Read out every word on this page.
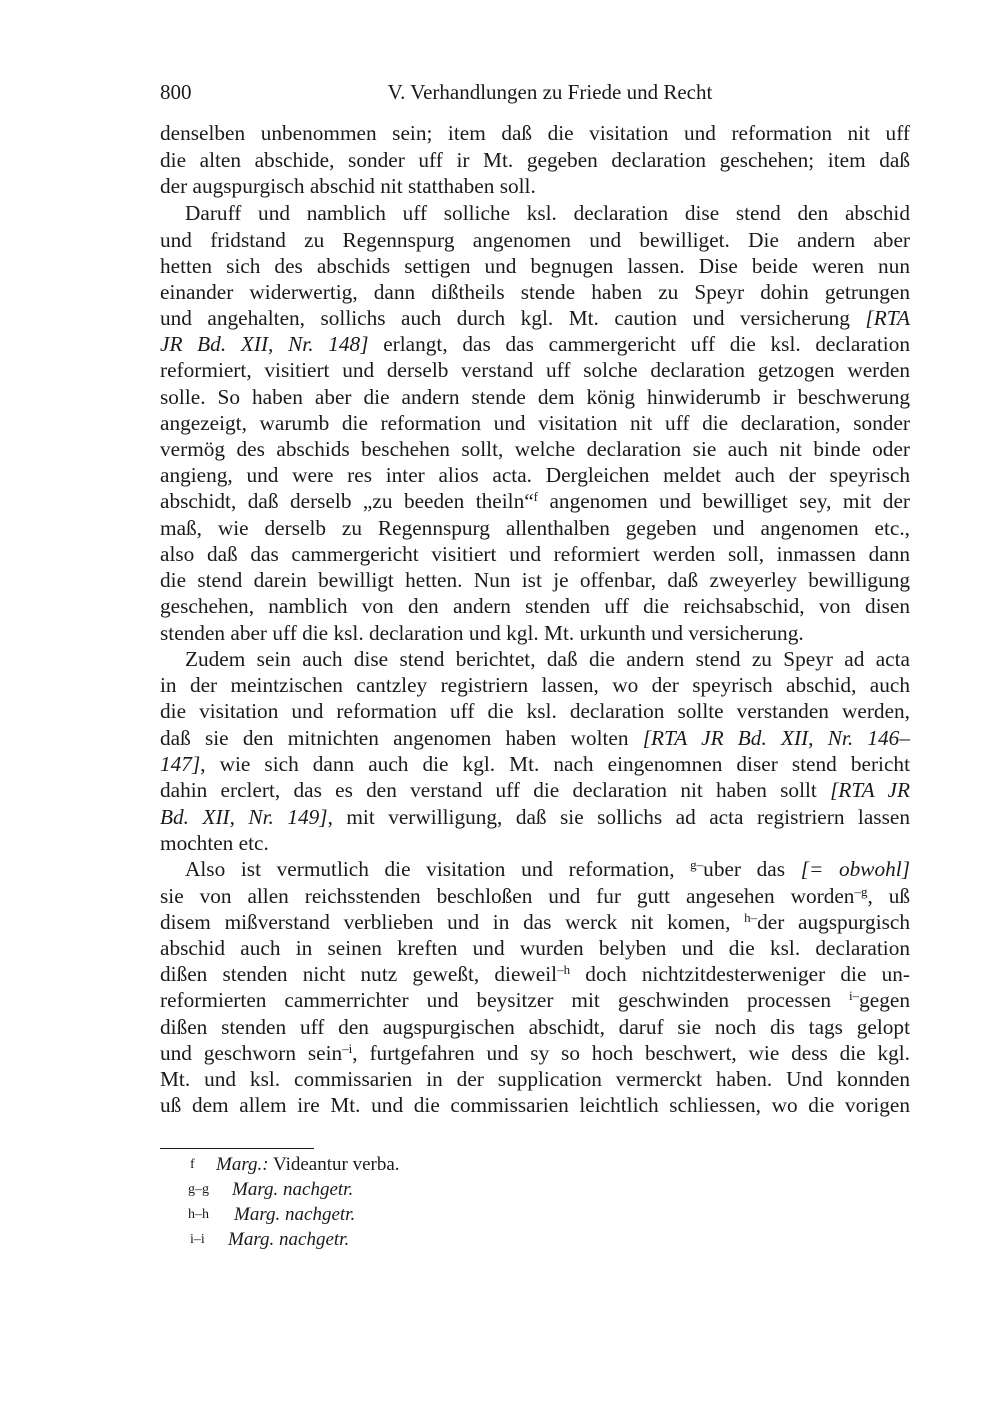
800	V. Verhandlungen zu Friede und Recht
denselben unbenommen sein; item daß die visitation und reformation nit uff
die alten abschide, sonder uff ir Mt. gegeben declaration geschehen; item daß
der augspurgisch abschid nit statthaben soll.
Daruff und namblich uff solliche ksl. declaration dise stend den abschid
und fridstand zu Regennspurg angenomen und bewilliget. Die andern aber
hetten sich des abschids settigen und begnugen lassen. Dise beide weren nun
einander widerwertig, dann dißtheils stende haben zu Speyr dohin getrungen
und angehalten, sollichs auch durch kgl. Mt. caution und versicherung [RTA
JR Bd. XII, Nr. 148] erlangt, das das cammergericht uff die ksl. declaration
reformiert, visitiert und derselb verstand uff solche declaration getzogen werden
solle. So haben aber die andern stende dem könig hinwiderumb ir beschwerung
angezeigt, warumb die reformation und visitation nit uff die declaration, sonder
vermög des abschids beschehen sollt, welche declaration sie auch nit binde oder
angieng, und were res inter alios acta. Dergleichen meldet auch der speyrisch
abschidt, daß derselb „zu beeden theiln“$^f$ angenomen und bewilliget sey, mit der
maß, wie derselb zu Regennspurg allenthalben gegeben und angenomen etc.,
also daß das cammergericht visitiert und reformiert werden soll, inmassen dann
die stend darein bewilligt hetten. Nun ist je offenbar, daß zweyerley bewilligung
geschehen, namblich von den andern stenden uff die reichsabschid, von disen
stenden aber uff die ksl. declaration und kgl. Mt. urkunth und versicherung.
Zudem sein auch dise stend berichtet, daß die andern stend zu Speyr ad acta
in der meintzischen cantzley registriern lassen, wo der speyrisch abschid, auch
die visitation und reformation uff die ksl. declaration sollte verstanden werden,
daß sie den mitnichten angenomen haben wolten [RTA JR Bd. XII, Nr. 146–
147], wie sich dann auch die kgl. Mt. nach eingenomnen diser stend bericht
dahin erclert, das es den verstand uff die declaration nit haben sollt [RTA JR
Bd. XII, Nr. 149], mit verwilligung, daß sie sollichs ad acta registriern lassen
mochten etc.
Also ist vermutlich die visitation und reformation, $^{g-}$uber das [= obwohl]
sie von allen reichsstenden beschloßen und fur gutt angesehen worden$^{-g}$, uß
disem mißverstand verblieben und in das werck nit komen, $^{h-}$der augspurgisch
abschid auch in seinen kreften und wurden belyben und die ksl. declaration
dißen stenden nicht nutz geweßt, dieweil$^{-h}$ doch nichtzitdesterweniger die un-
reformierten cammerrichter und beysitzer mit geschwinden processen $^{i-}$gegen
dißen stenden uff den augspurgischen abschidt, daruf sie noch dis tags gelopt
und geschworn sein$^{-i}$, furtgefahren und sy so hoch beschwert, wie dess die kgl.
Mt. und ksl. commissarien in der supplication vermerckt haben. Und konnden
uß dem allem ire Mt. und die commissarien leichtlich schliessen, wo die vorigen
f Marg.: Videantur verba.
g–g Marg. nachgetr.
h–h Marg. nachgetr.
i–i Marg. nachgetr.
